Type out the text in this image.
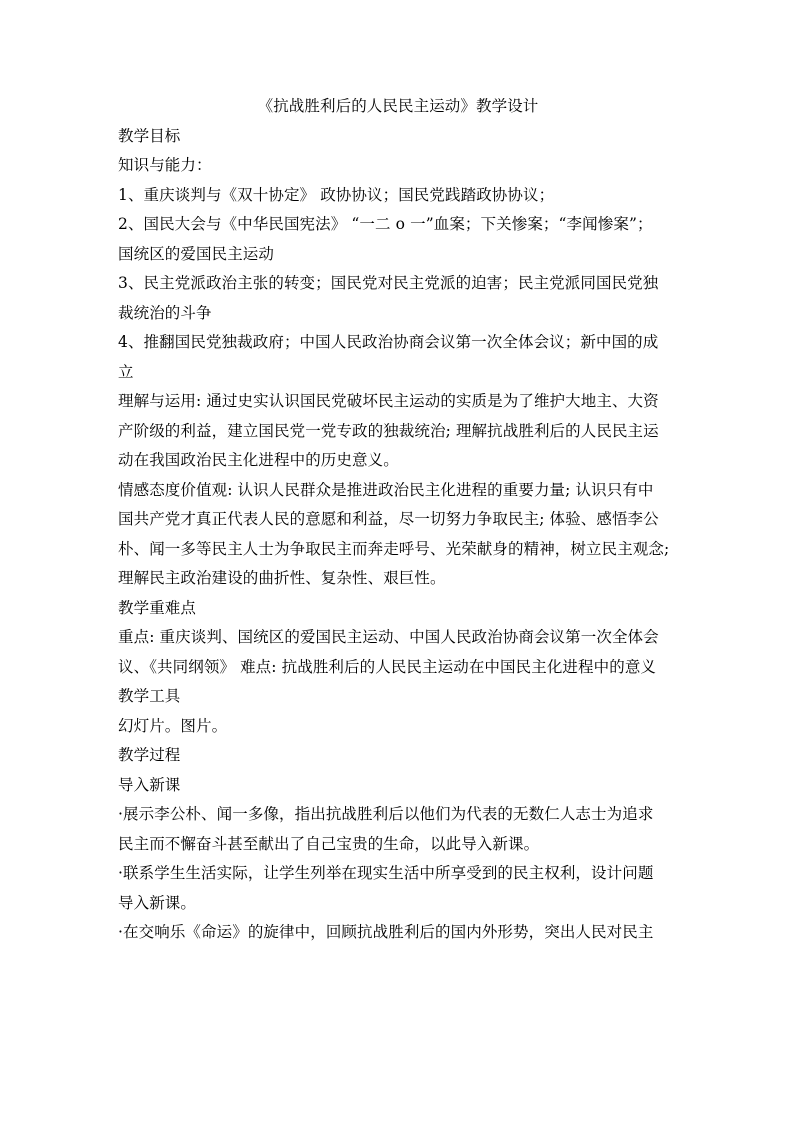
《抗战胜利后的人民民主运动》教学设计
教学目标
知识与能力：
1、重庆谈判与《双十协定》 政协协议；国民党践踏政协协议；
2、国民大会与《中华民国宪法》 “一二 o 一”血案；下关惨案；“李闻惨案”；
国统区的爱国民主运动
3、民主党派政治主张的转变；国民党对民主党派的迫害；民主党派同国民党独
裁统治的斗争
4、推翻国民党独裁政府；中国人民政治协商会议第一次全体会议；新中国的成
立
理解与运用: 通过史实认识国民党破坏民主运动的实质是为了维护大地主、大资
产阶级的利益，建立国民党一党专政的独裁统治; 理解抗战胜利后的人民民主运
动在我国政治民主化进程中的历史意义。
情感态度价值观: 认识人民群众是推进政治民主化进程的重要力量; 认识只有中
国共产党才真正代表人民的意愿和利益，尽一切努力争取民主; 体验、感悟李公
朴、闻一多等民主人士为争取民主而奔走呼号、光荣献身的精神，树立民主观念;
理解民主政治建设的曲折性、复杂性、艰巨性。
教学重难点
重点: 重庆谈判、国统区的爱国民主运动、中国人民政治协商会议第一次全体会
议、《共同纲领》 难点: 抗战胜利后的人民民主运动在中国民主化进程中的意义
教学工具
幻灯片。图片。
教学过程
导入新课
·展示李公朴、闻一多像，指出抗战胜利后以他们为代表的无数仁人志士为追求
民主而不懈奋斗甚至献出了自己宝贵的生命，以此导入新课。
·联系学生生活实际，让学生列举在现实生活中所享受到的民主权利，设计问题
导入新课。
·在交响乐《命运》的旋律中，回顾抗战胜利后的国内外形势，突出人民对民主
